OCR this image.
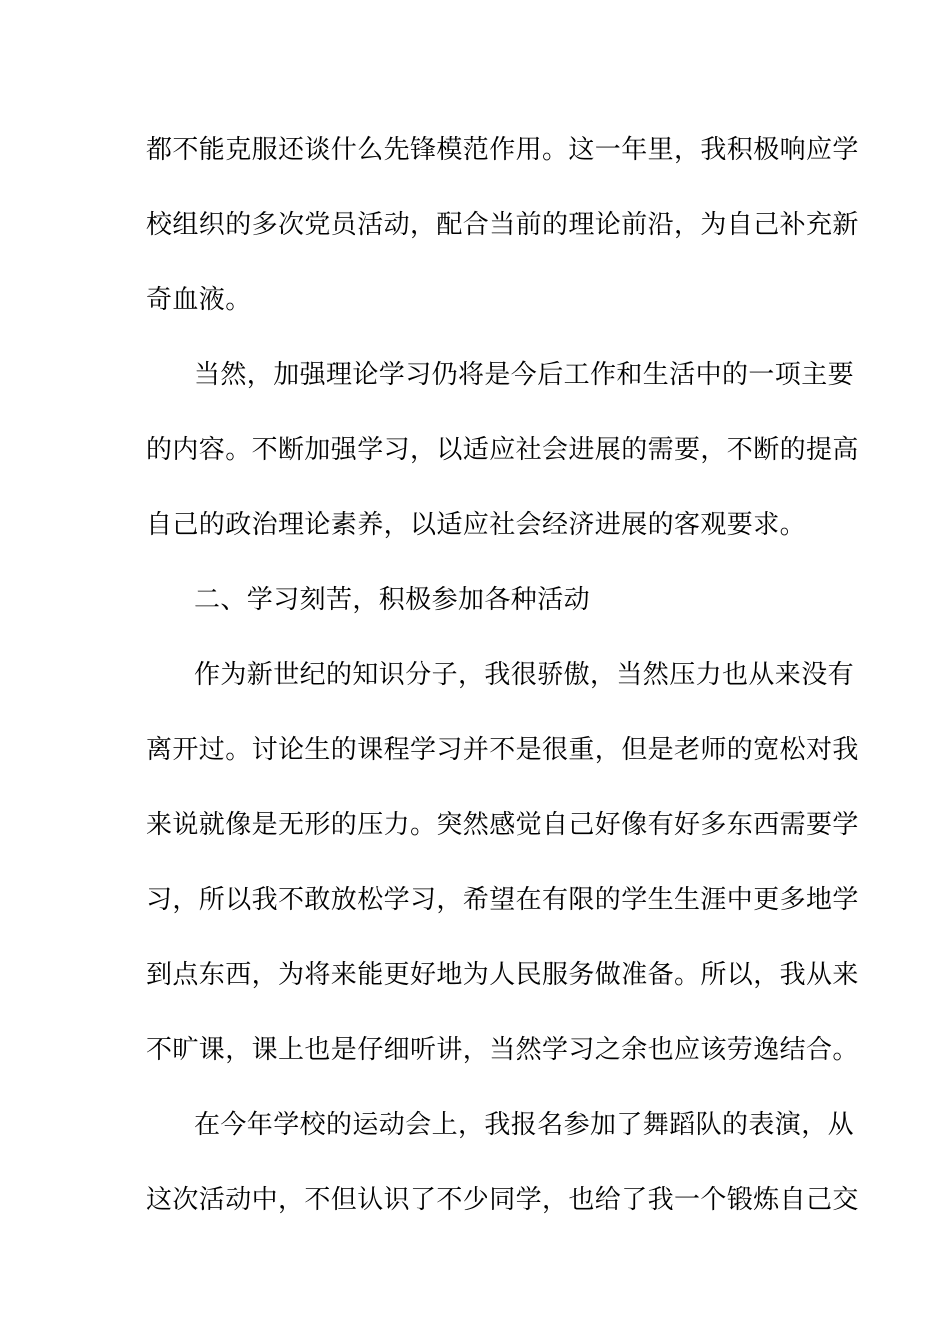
都不能克服还谈什么先锋模范作用。这一年里，我积极响应学
校组织的多次党员活动，配合当前的理论前沿，为自己补充新
奇血液。
当然，加强理论学习仍将是今后工作和生活中的一项主要
的内容。不断加强学习，以适应社会进展的需要，不断的提高
自己的政治理论素养，以适应社会经济进展的客观要求。
二、学习刻苦，积极参加各种活动
作为新世纪的知识分子，我很骄傲，当然压力也从来没有
离开过。讨论生的课程学习并不是很重，但是老师的宽松对我
来说就像是无形的压力。突然感觉自己好像有好多东西需要学
习，所以我不敢放松学习，希望在有限的学生生涯中更多地学
到点东西，为将来能更好地为人民服务做准备。所以，我从来
不旷课，课上也是仔细听讲，当然学习之余也应该劳逸结合。
在今年学校的运动会上，我报名参加了舞蹈队的表演，从
这次活动中，不但认识了不少同学，也给了我一个锻炼自己交
